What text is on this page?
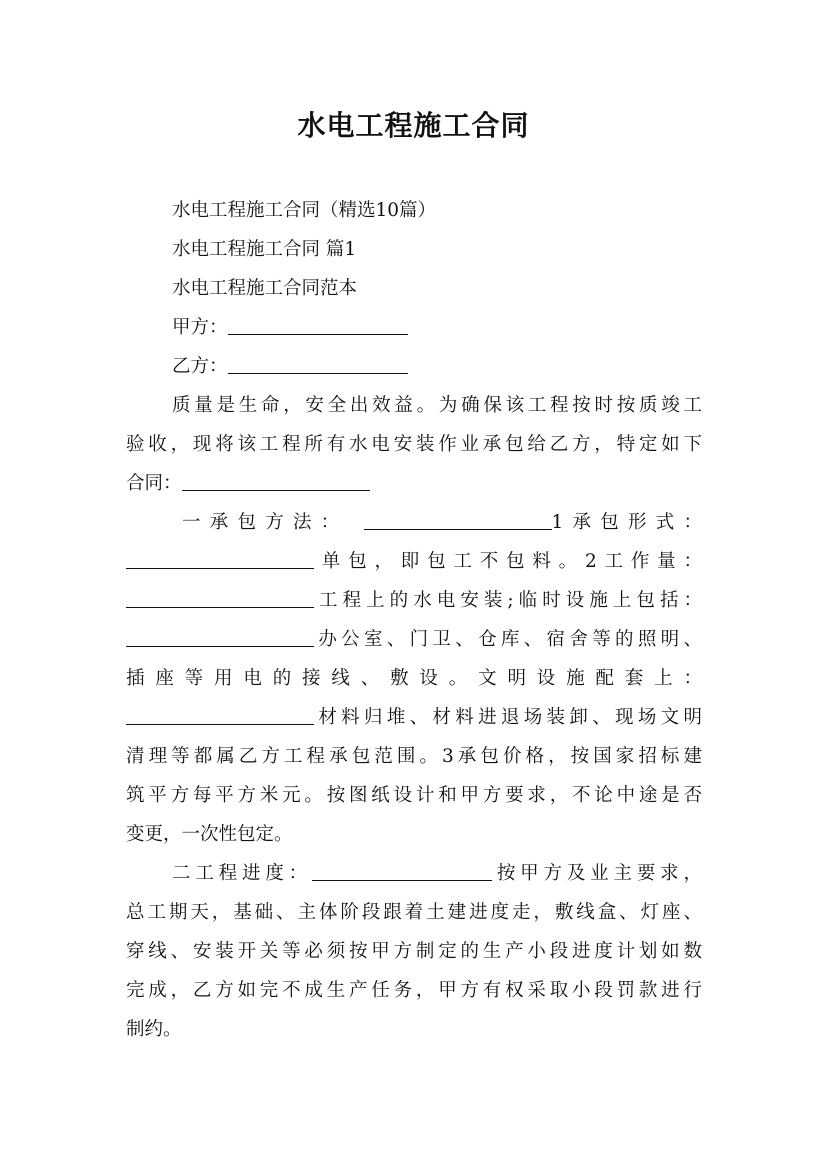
水电工程施工合同
水电工程施工合同（精选10篇）
水电工程施工合同 篇1
水电工程施工合同范本
甲方：
乙方：
质量是生命，安全出效益。为确保该工程按时按质竣工
验收，现将该工程所有水电安装作业承包给乙方，特定如下
合同：
一承包方法：	1承包形式：
单包，即包工不包料。2工作量：
工程上的水电安装;临时设施上包括：
办公室、门卫、仓库、宿舍等的照明、
插座等用电的接线、敷设。文明设施配套上：
材料归堆、材料进退场装卸、现场文明
清理等都属乙方工程承包范围。3承包价格，按国家招标建
筑平方每平方米元。按图纸设计和甲方要求，不论中途是否
变更，一次性包定。
二工程进度：	按甲方及业主要求，
总工期天，基础、主体阶段跟着土建进度走，敷线盒、灯座、
穿线、安装开关等必须按甲方制定的生产小段进度计划如数
完成，乙方如完不成生产任务，甲方有权采取小段罚款进行
制约。
